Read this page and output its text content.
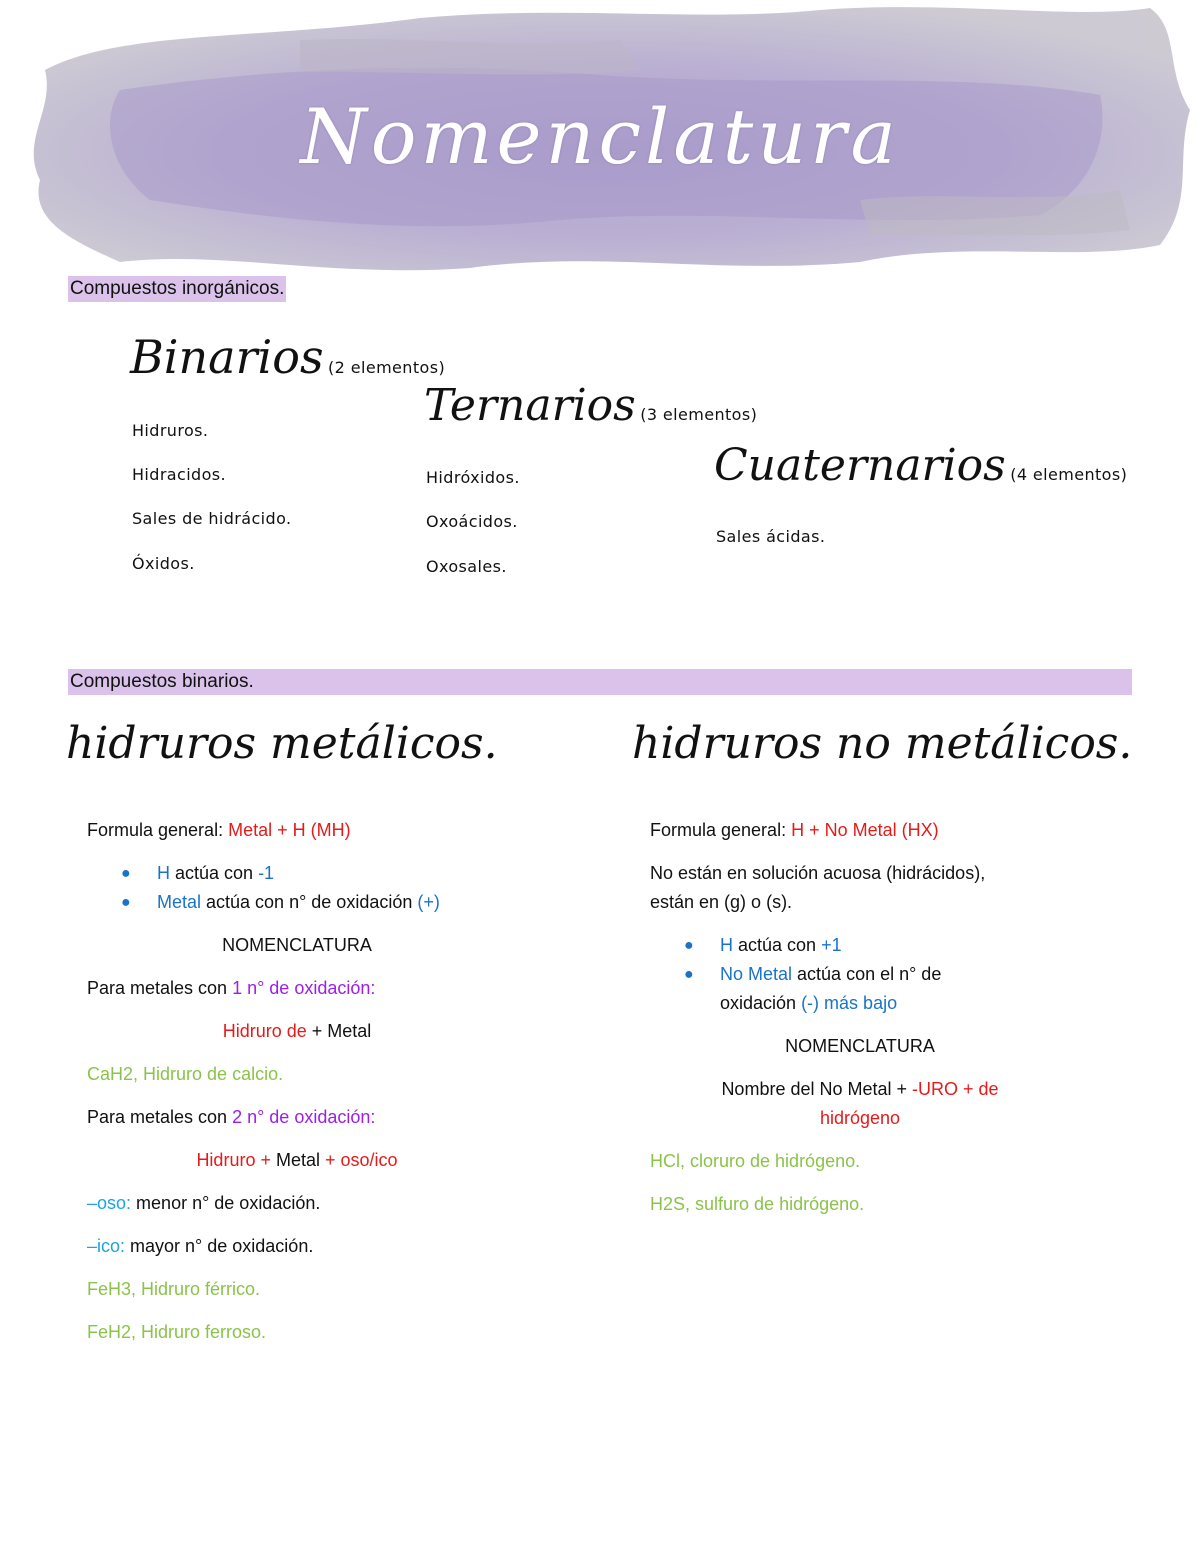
Nomenclatura
Compuestos inorgánicos.
Binarios (2 elementos)
Hidruros.
Hidracidos.
Sales de hidrácido.
Óxidos.
Ternarios (3 elementos)
Hidróxidos.
Oxoácidos.
Oxosales.
Cuaternarios (4 elementos)
Sales ácidas.
Compuestos binarios.
hidruros metálicos.
Formula general: Metal + H (MH)
● H actúa con -1
● Metal actúa con n° de oxidación (+)
NOMENCLATURA
Para metales con 1 n° de oxidación:
Hidruro de + Metal
CaH2, Hidruro de calcio.
Para metales con 2 n° de oxidación:
Hidruro + Metal + oso/ico
–oso: menor n° de oxidación.
–ico: mayor n° de oxidación.
FeH3, Hidruro férrico.
FeH2, Hidruro ferroso.
hidruros no metálicos.
Formula general: H + No Metal (HX)
No están en solución acuosa (hidrácidos),
están en (g) o (s).
● H actúa con +1
● No Metal actúa con el n° de
oxidación (-) más bajo
NOMENCLATURA
Nombre del No Metal + -URO + de
hidrógeno
HCl, cloruro de hidrógeno.
H2S, sulfuro de hidrógeno.
